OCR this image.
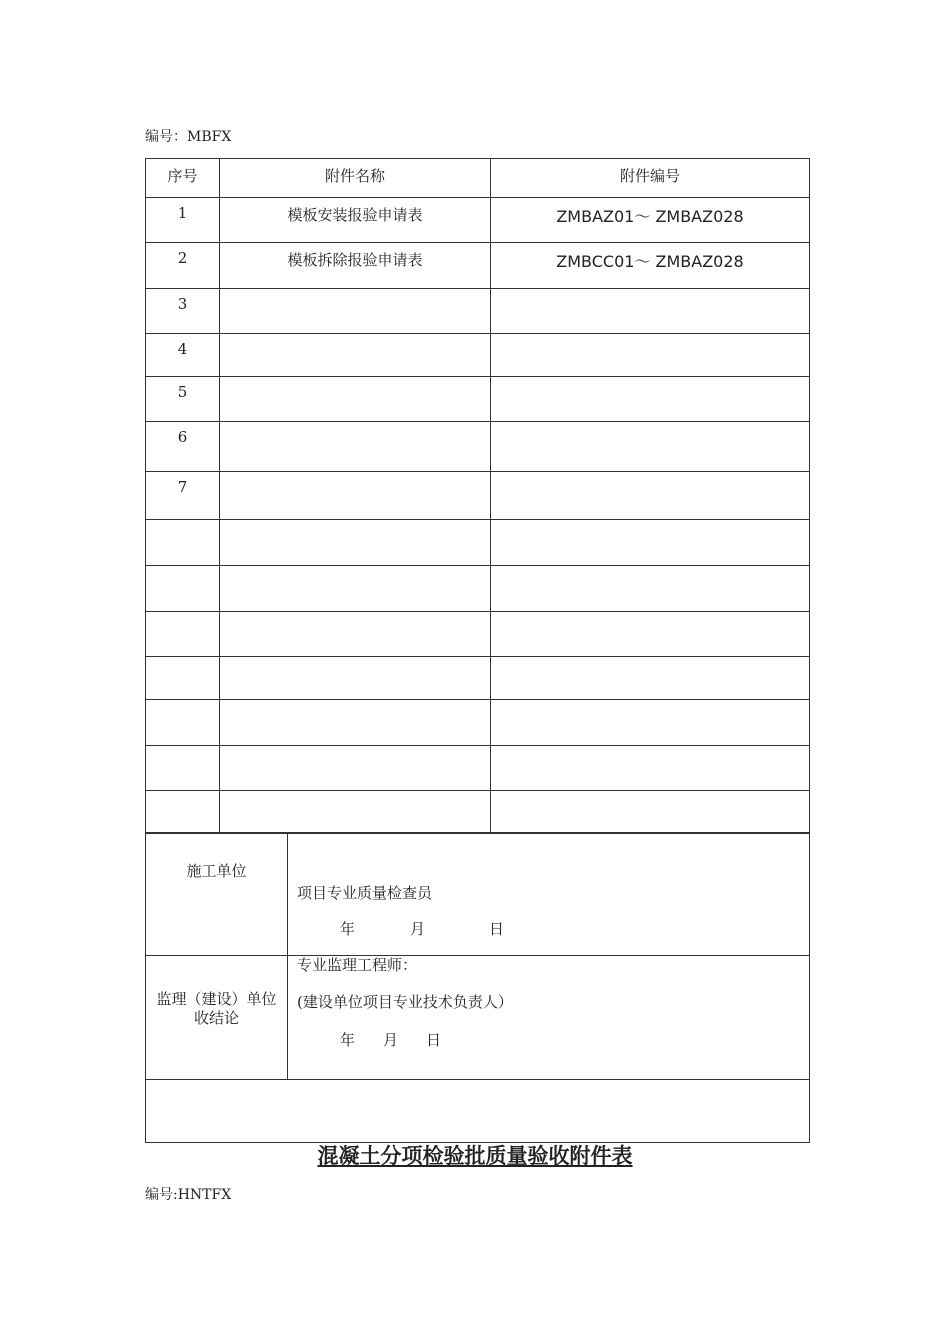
编号：MBFX
序号	附件名称	附件编号
1	模板安装报验申请表	ZMBAZ01～ ZMBAZ028
2	模板拆除报验申请表	ZMBCC01～ ZMBAZ028
3		
4		
5		
6		
7		

施工单位	项目专业质量检查员
年 月 日

监理（建设）单位收结论	专业监理工程师：
(建设单位项目专业技术负责人）
年 月 日

混凝土分项检验批质量验收附件表
编号:HNTFX
